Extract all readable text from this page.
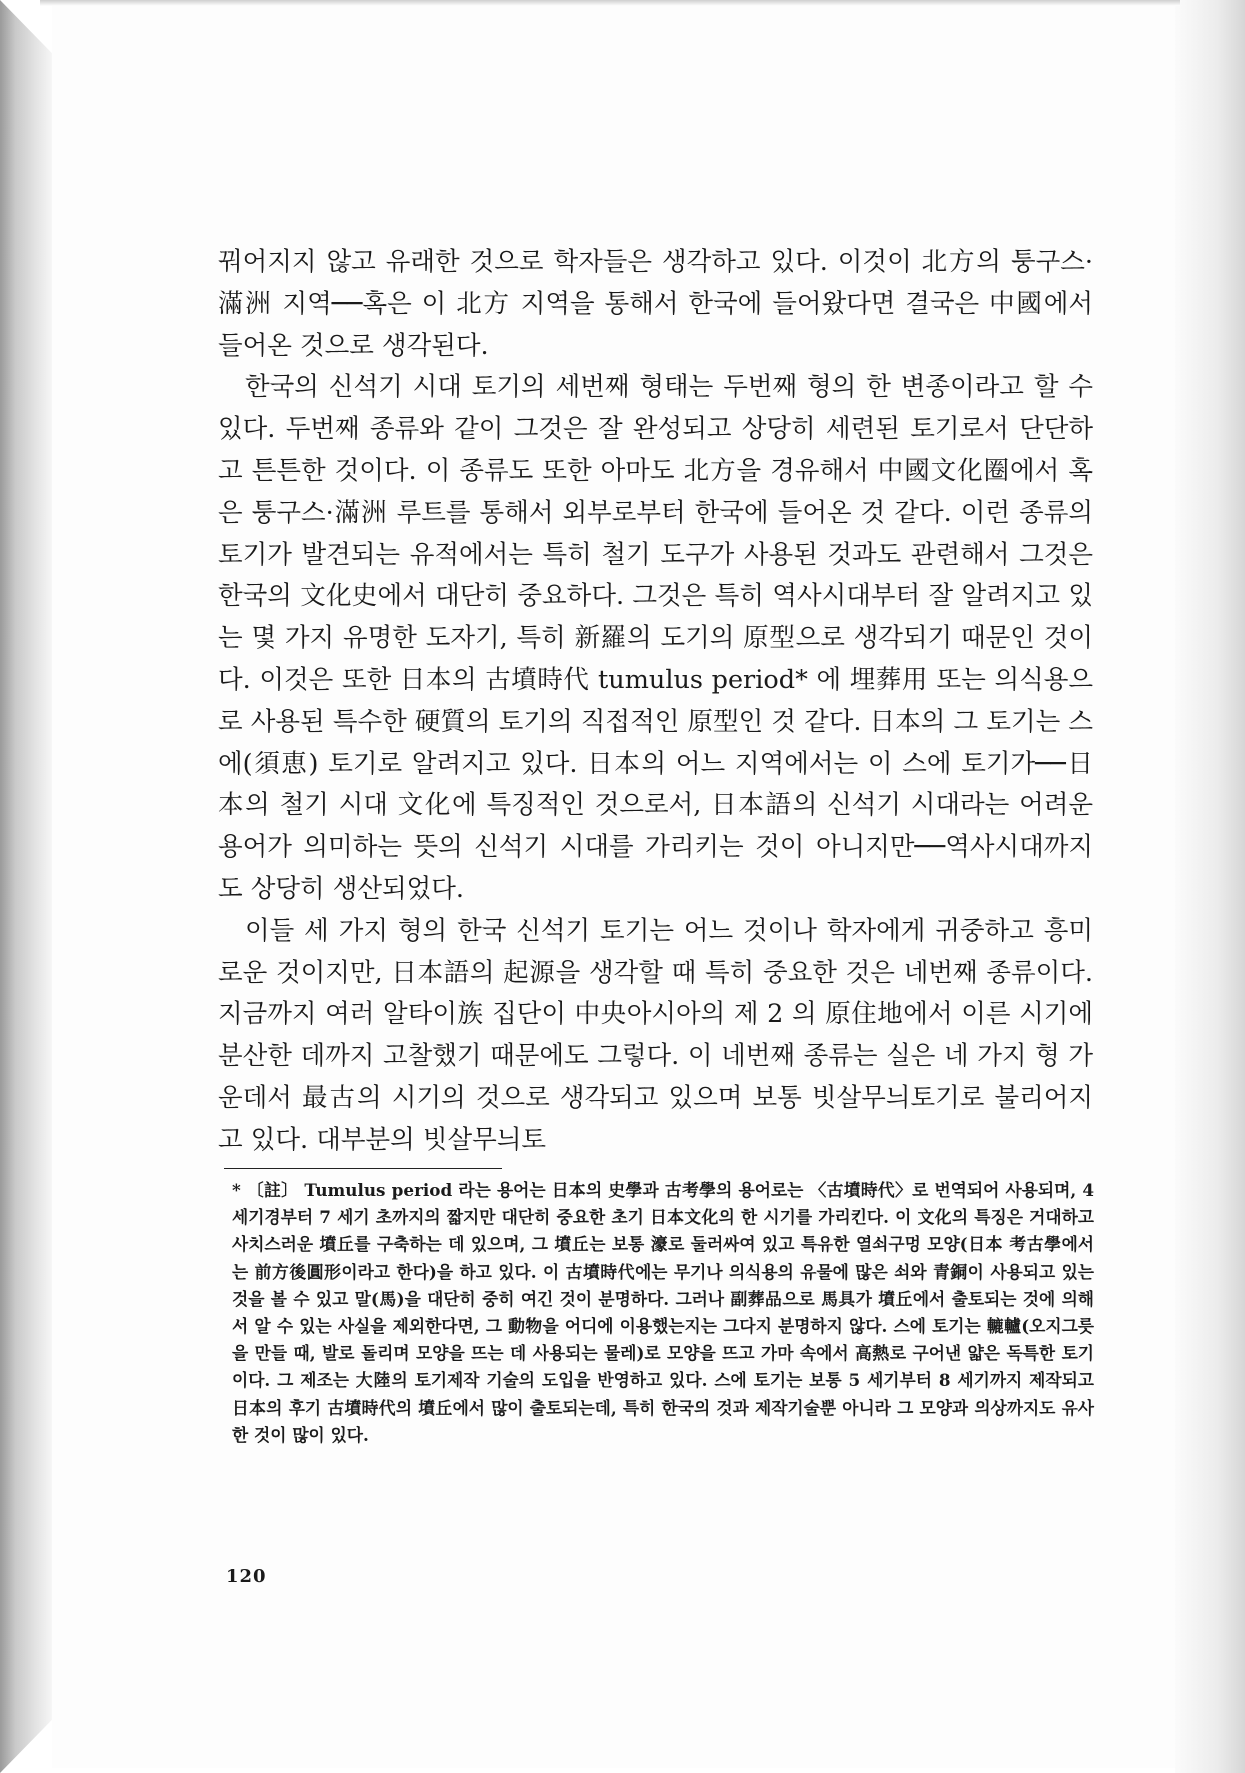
꿔어지지 않고 유래한 것으로 학자들은 생각하고 있다. 이것이 北方의 퉁구스·滿洲 지역──혹은 이 北方 지역을 통해서 한국에 들어왔다면 결국은 中國에서 들어온 것으로 생각된다.

한국의 신석기 시대 토기의 세번째 형태는 두번째 형의 한 변종이라고 할 수 있다. 두번째 종류와 같이 그것은 잘 완성되고 상당히 세련된 토기로서 단단하고 튼튼한 것이다. 이 종류도 또한 아마도 北方을 경유해서 中國文化圈에서 혹은 퉁구스·滿洲 루트를 통해서 외부로부터 한국에 들어온 것 같다. 이런 종류의 토기가 발견되는 유적에서는 특히 철기 도구가 사용된 것과도 관련해서 그것은 한국의 文化史에서 대단히 중요하다. 그것은 특히 역사시대부터 잘 알려지고 있는 몇 가지 유명한 도자기, 특히 新羅의 도기의 原型으로 생각되기 때문인 것이다. 이것은 또한 日本의 古墳時代 tumulus period* 에 埋葬用 또는 의식용으로 사용된 특수한 硬質의 토기의 직접적인 原型인 것 같다. 日本의 그 토기는 스에(須恵) 토기로 알려지고 있다. 日本의 어느 지역에서는 이 스에 토기가──日本의 철기 시대 文化에 특징적인 것으로서, 日本語의 신석기 시대라는 어려운 용어가 의미하는 뜻의 신석기 시대를 가리키는 것이 아니지만──역사시대까지도 상당히 생산되었다.

이들 세 가지 형의 한국 신석기 토기는 어느 것이나 학자에게 귀중하고 흥미로운 것이지만, 日本語의 起源을 생각할 때 특히 중요한 것은 네번째 종류이다. 지금까지 여러 알타이族 집단이 中央아시아의 제 2 의 原住地에서 이른 시기에 분산한 데까지 고찰했기 때문에도 그렇다. 이 네번째 종류는 실은 네 가지 형 가운데서 最古의 시기의 것으로 생각되고 있으며 보통 빗살무늬토기로 불리어지고 있다. 대부분의 빗살무늬토

* 〔註〕 Tumulus period 라는 용어는 日本의 史學과 古考學의 용어로는 〈古墳時代〉로 번역되어 사용되며, 4 세기경부터 7 세기 초까지의 짧지만 대단히 중요한 초기 日本文化의 한 시기를 가리킨다. 이 文化의 특징은 거대하고 사치스러운 墳丘를 구축하는 데 있으며, 그 墳丘는 보통 濠로 둘러싸여 있고 특유한 열쇠구멍 모양(日本 考古學에서는 前方後圓形이라고 한다)을 하고 있다. 이 古墳時代에는 무기나 의식용의 유물에 많은 쇠와 青銅이 사용되고 있는 것을 볼 수 있고 말(馬)을 대단히 중히 여긴 것이 분명하다. 그러나 副葬品으로 馬具가 墳丘에서 출토되는 것에 의해서 알 수 있는 사실을 제외한다면, 그 動物을 어디에 이용했는지는 그다지 분명하지 않다. 스에 토기는 轆轤(오지그릇을 만들 때, 발로 돌리며 모양을 뜨는 데 사용되는 물레)로 모양을 뜨고 가마 속에서 高熱로 구어낸 얇은 독특한 토기이다. 그 제조는 大陸의 토기제작 기술의 도입을 반영하고 있다. 스에 토기는 보통 5 세기부터 8 세기까지 제작되고 日本의 후기 古墳時代의 墳丘에서 많이 출토되는데, 특히 한국의 것과 제작기술뿐 아니라 그 모양과 의상까지도 유사한 것이 많이 있다.

120
